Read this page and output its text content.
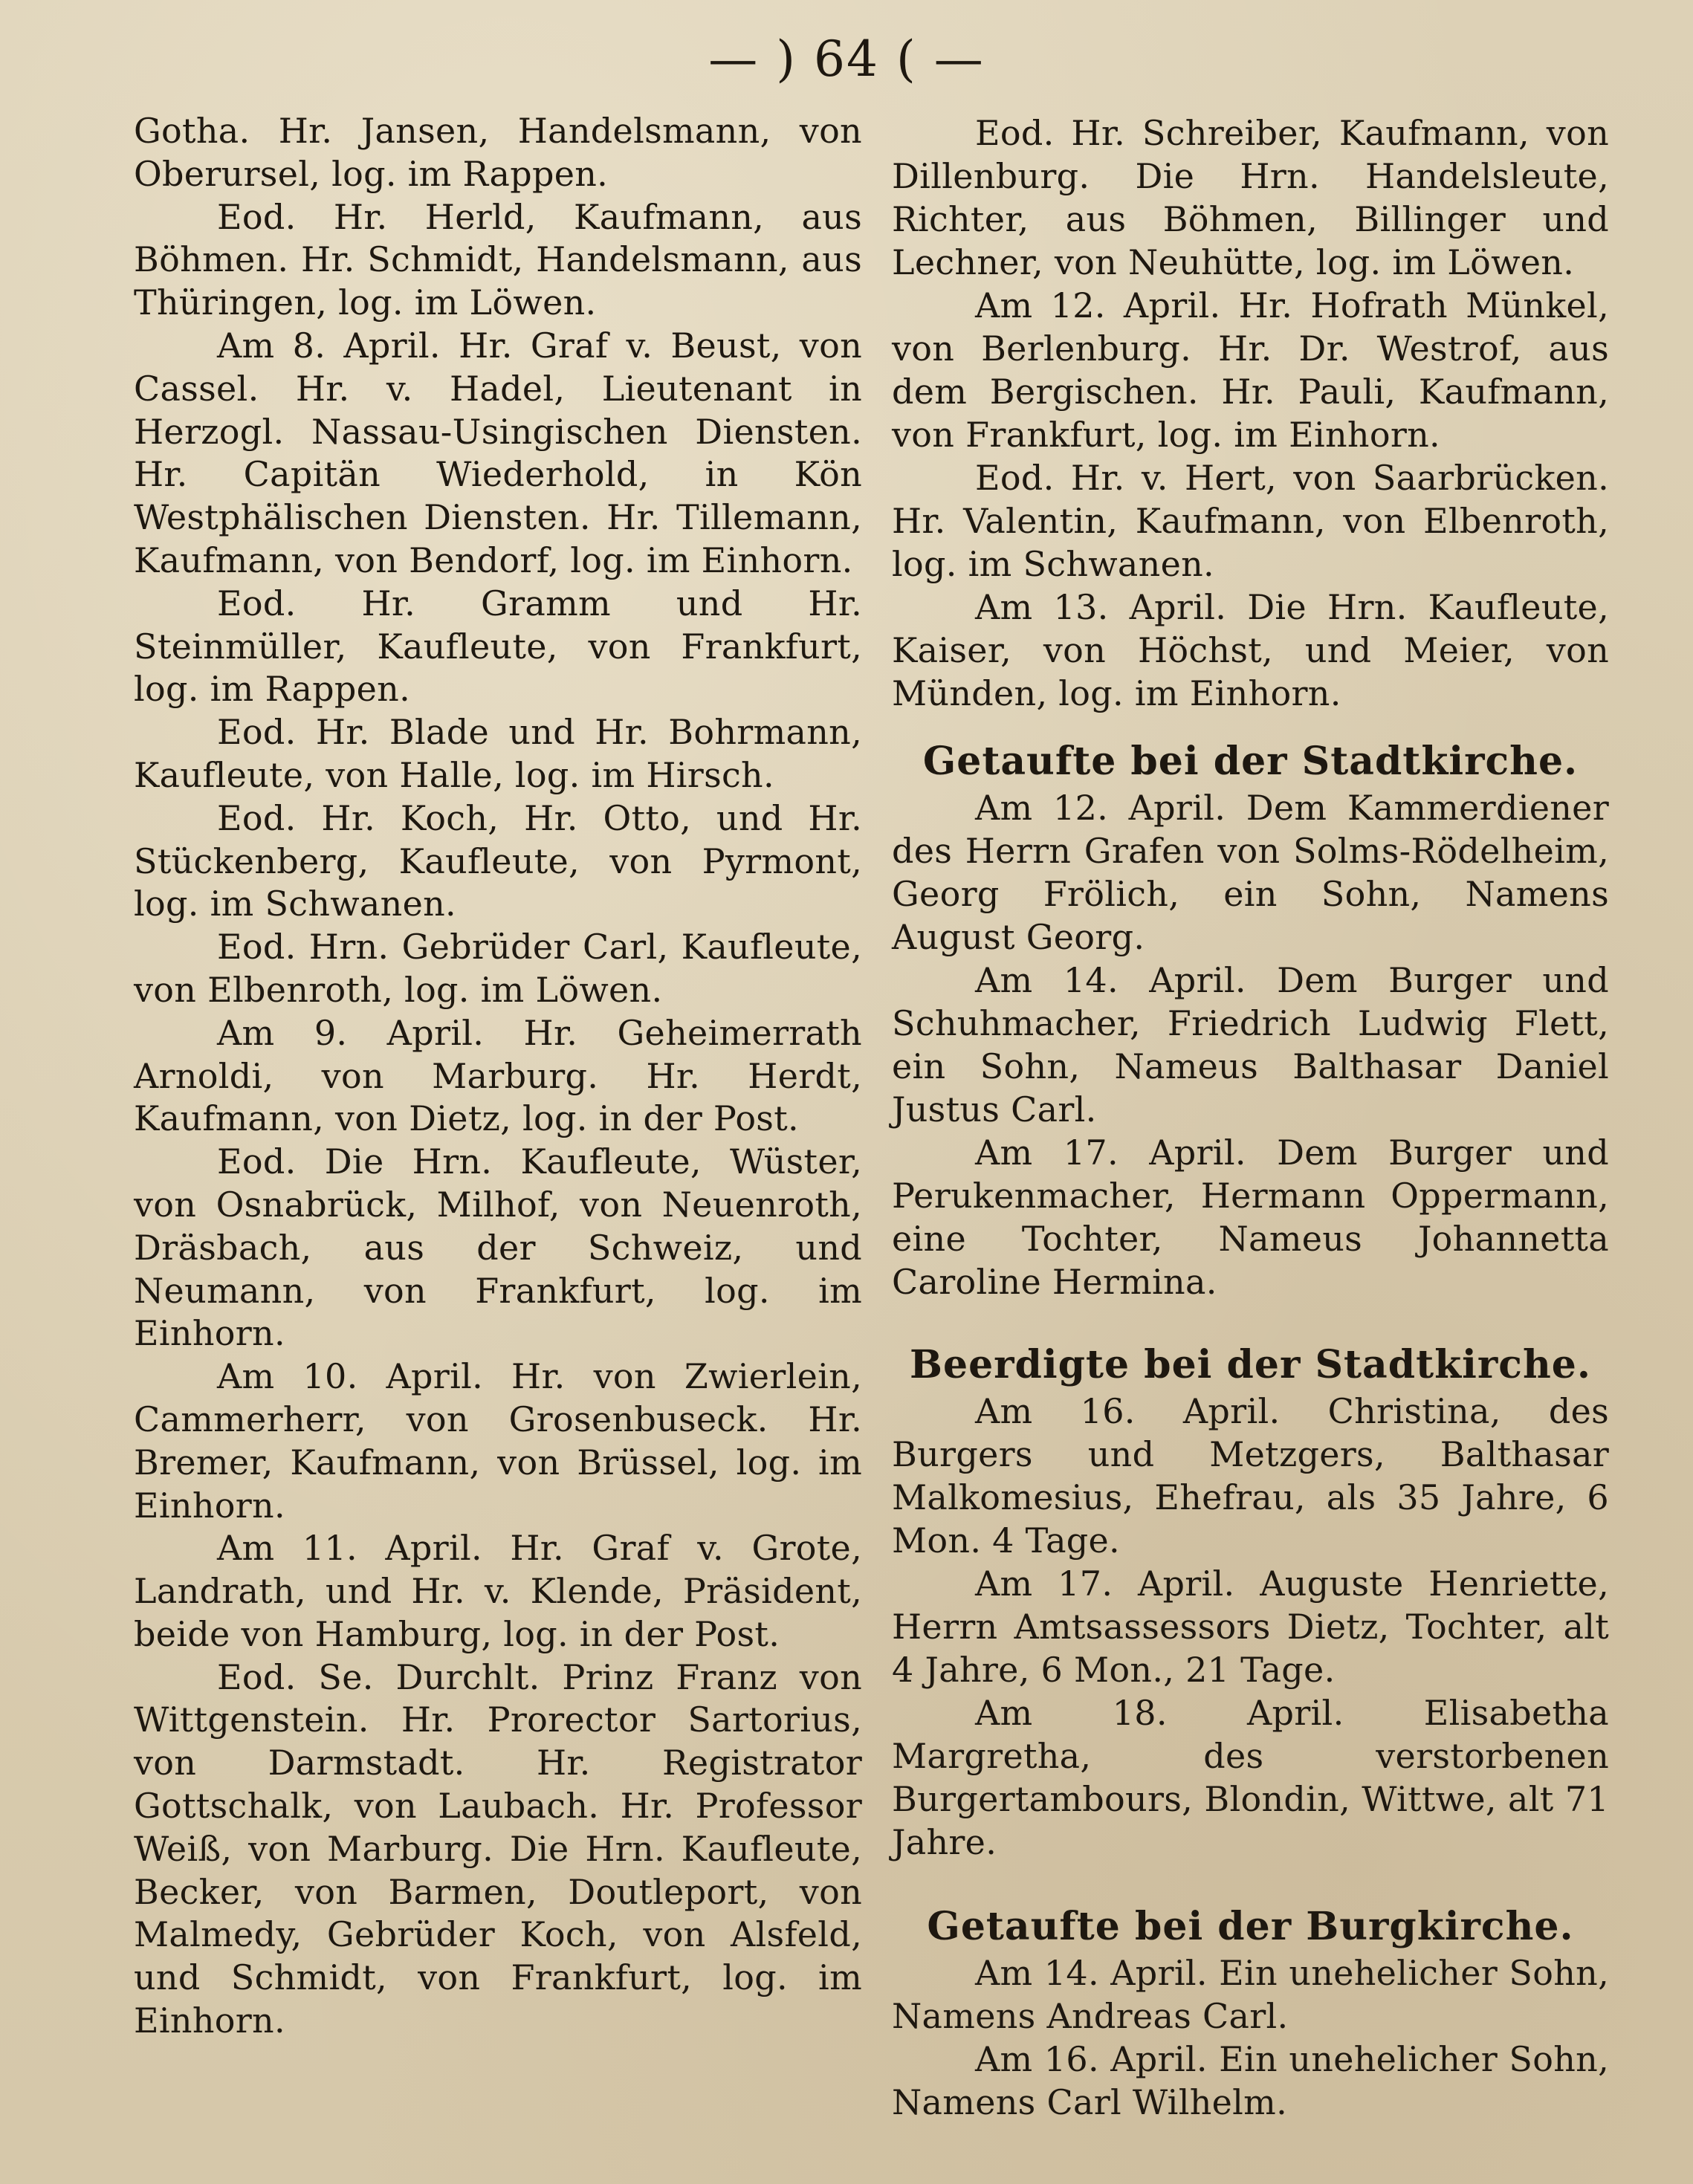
— ) 64 ( —

Gotha. Hr. Jansen, Handelsmann, von Oberursel, log. im Rappen.

Eod. Hr. Herld, Kaufmann, aus Böhmen. Hr. Schmidt, Handelsmann, aus Thüringen, log. im Löwen.

Am 8. April. Hr. Graf v. Beust, von Cassel. Hr. v. Hadel, Lieutenant in Herzogl. Nassau-Usingischen Diensten. Hr. Capitän Wiederhold, in Kön Westphälischen Diensten. Hr. Tillemann, Kaufmann, von Bendorf, log. im Einhorn.

Eod. Hr. Gramm und Hr. Steinmüller, Kaufleute, von Frankfurt, log. im Rappen.

Eod. Hr. Blade und Hr. Bohrmann, Kaufleute, von Halle, log. im Hirsch.

Eod. Hr. Koch, Hr. Otto, und Hr. Stückenberg, Kaufleute, von Pyrmont, log. im Schwanen.

Eod. Hrn. Gebrüder Carl, Kaufleute, von Elbenroth, log. im Löwen.

Am 9. April. Hr. Geheimerrath Arnoldi, von Marburg. Hr. Herdt, Kaufmann, von Dietz, log. in der Post.

Eod. Die Hrn. Kaufleute, Wüster, von Osnabrück, Milhof, von Neuenroth, Dräsbach, aus der Schweiz, und Neumann, von Frankfurt, log. im Einhorn.

Am 10. April. Hr. von Zwierlein, Cammerherr, von Grosenbuseck. Hr. Bremer, Kaufmann, von Brüssel, log. im Einhorn.

Am 11. April. Hr. Graf v. Grote, Landrath, und Hr. v. Klende, Präsident, beide von Hamburg, log. in der Post.

Eod. Se. Durchlt. Prinz Franz von Wittgenstein. Hr. Prorector Sartorius, von Darmstadt. Hr. Registrator Gottschalk, von Laubach. Hr. Professor Weiß, von Marburg. Die Hrn. Kaufleute, Becker, von Barmen, Doutleport, von Malmedy, Gebrüder Koch, von Alsfeld, und Schmidt, von Frankfurt, log. im Einhorn.

Eod. Hr. Schreiber, Kaufmann, von Dillenburg. Die Hrn. Handelsleute, Richter, aus Böhmen, Billinger und Lechner, von Neuhütte, log. im Löwen.

Am 12. April. Hr. Hofrath Münkel, von Berlenburg. Hr. Dr. Westrof, aus dem Bergischen. Hr. Pauli, Kaufmann, von Frankfurt, log. im Einhorn.

Eod. Hr. v. Hert, von Saarbrücken. Hr. Valentin, Kaufmann, von Elbenroth, log. im Schwanen.

Am 13. April. Die Hrn. Kaufleute, Kaiser, von Höchst, und Meier, von Münden, log. im Einhorn.

Getaufte bei der Stadtkirche.

Am 12. April. Dem Kammerdiener des Herrn Grafen von Solms-Rödelheim, Georg Frölich, ein Sohn, Namens August Georg.

Am 14. April. Dem Burger und Schuhmacher, Friedrich Ludwig Flett, ein Sohn, Nameus Balthasar Daniel Justus Carl.

Am 17. April. Dem Burger und Perukenmacher, Hermann Oppermann, eine Tochter, Nameus Johannetta Caroline Hermina.

Beerdigte bei der Stadtkirche.

Am 16. April. Christina, des Burgers und Metzgers, Balthasar Malkomesius, Ehefrau, als 35 Jahre, 6 Mon. 4 Tage.

Am 17. April. Auguste Henriette, Herrn Amtsassessors Dietz, Tochter, alt 4 Jahre, 6 Mon., 21 Tage.

Am 18. April. Elisabetha Margretha, des verstorbenen Burgertambours, Blondin, Wittwe, alt 71 Jahre.

Getaufte bei der Burgkirche.

Am 14. April. Ein unehelicher Sohn, Namens Andreas Carl.

Am 16. April. Ein unehelicher Sohn, Namens Carl Wilhelm.
